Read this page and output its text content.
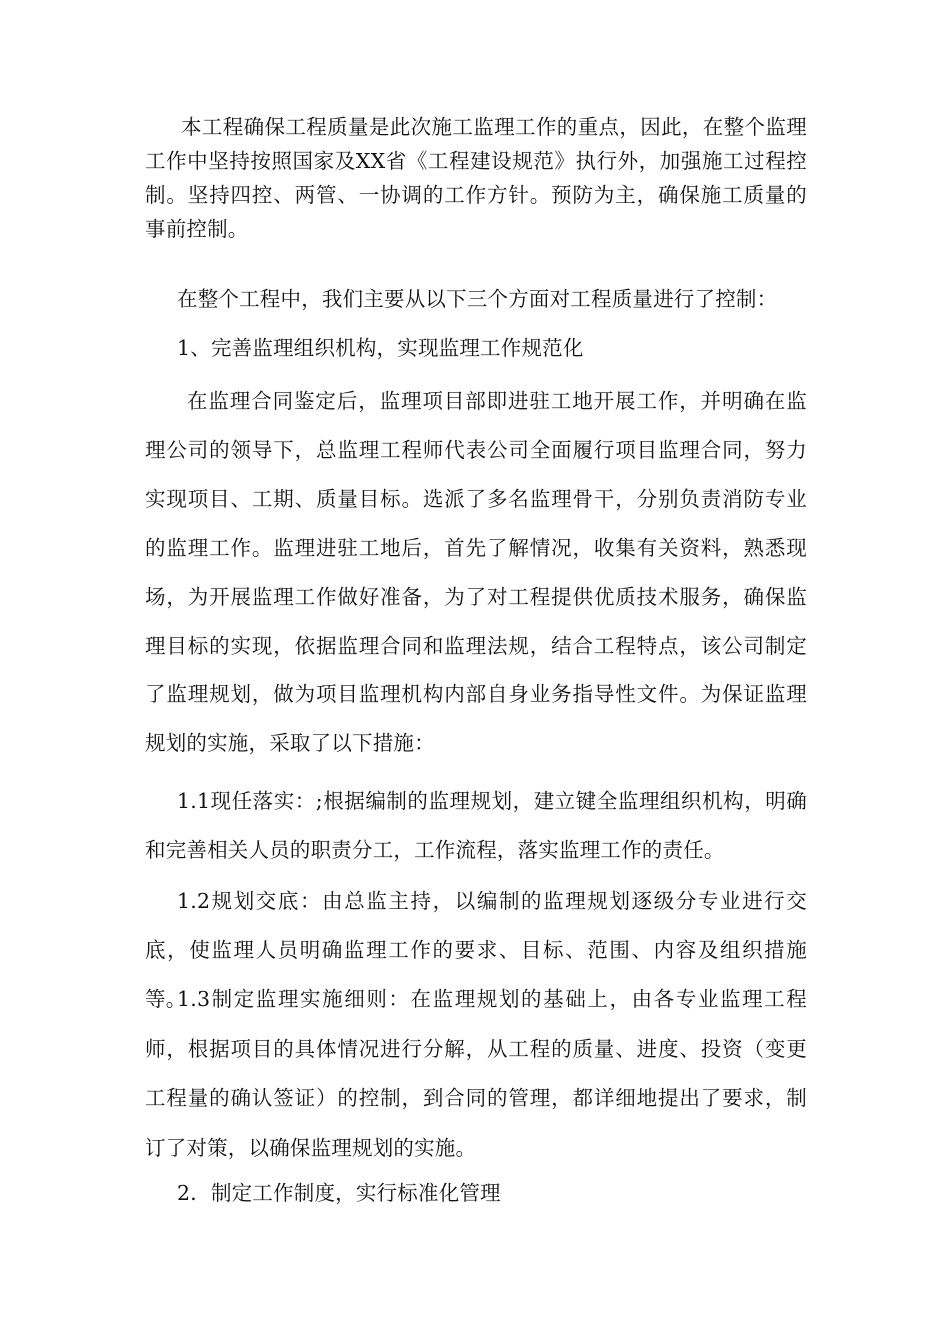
本工程确保工程质量是此次施工监理工作的重点，因此，在整个监理工作中坚持按照国家及XX省《工程建设规范》执行外，加强施工过程控制。坚持四控、两管、一协调的工作方针。预防为主，确保施工质量的事前控制。

在整个工程中，我们主要从以下三个方面对工程质量进行了控制：

1、完善监理组织机构，实现监理工作规范化

在监理合同鉴定后，监理项目部即进驻工地开展工作，并明确在监理公司的领导下，总监理工程师代表公司全面履行项目监理合同，努力实现项目、工期、质量目标。选派了多名监理骨干，分别负责消防专业的监理工作。监理进驻工地后，首先了解情况，收集有关资料，熟悉现场，为开展监理工作做好准备，为了对工程提供优质技术服务，确保监理目标的实现，依据监理合同和监理法规，结合工程特点，该公司制定了监理规划，做为项目监理机构内部自身业务指导性文件。为保证监理规划的实施，采取了以下措施：

1.1现任落实：;根据编制的监理规划，建立键全监理组织机构，明确和完善相关人员的职责分工，工作流程，落实监理工作的责任。

1.2规划交底：由总监主持，以编制的监理规划逐级分专业进行交底，使监理人员明确监理工作的要求、目标、范围、内容及组织措施等。

1.3制定监理实施细则：在监理规划的基础上，由各专业监理工程师，根据项目的具体情况进行分解，从工程的质量、进度、投资（变更工程量的确认签证）的控制，到合同的管理，都详细地提出了要求，制订了对策，以确保监理规划的实施。

2．制定工作制度，实行标准化管理
